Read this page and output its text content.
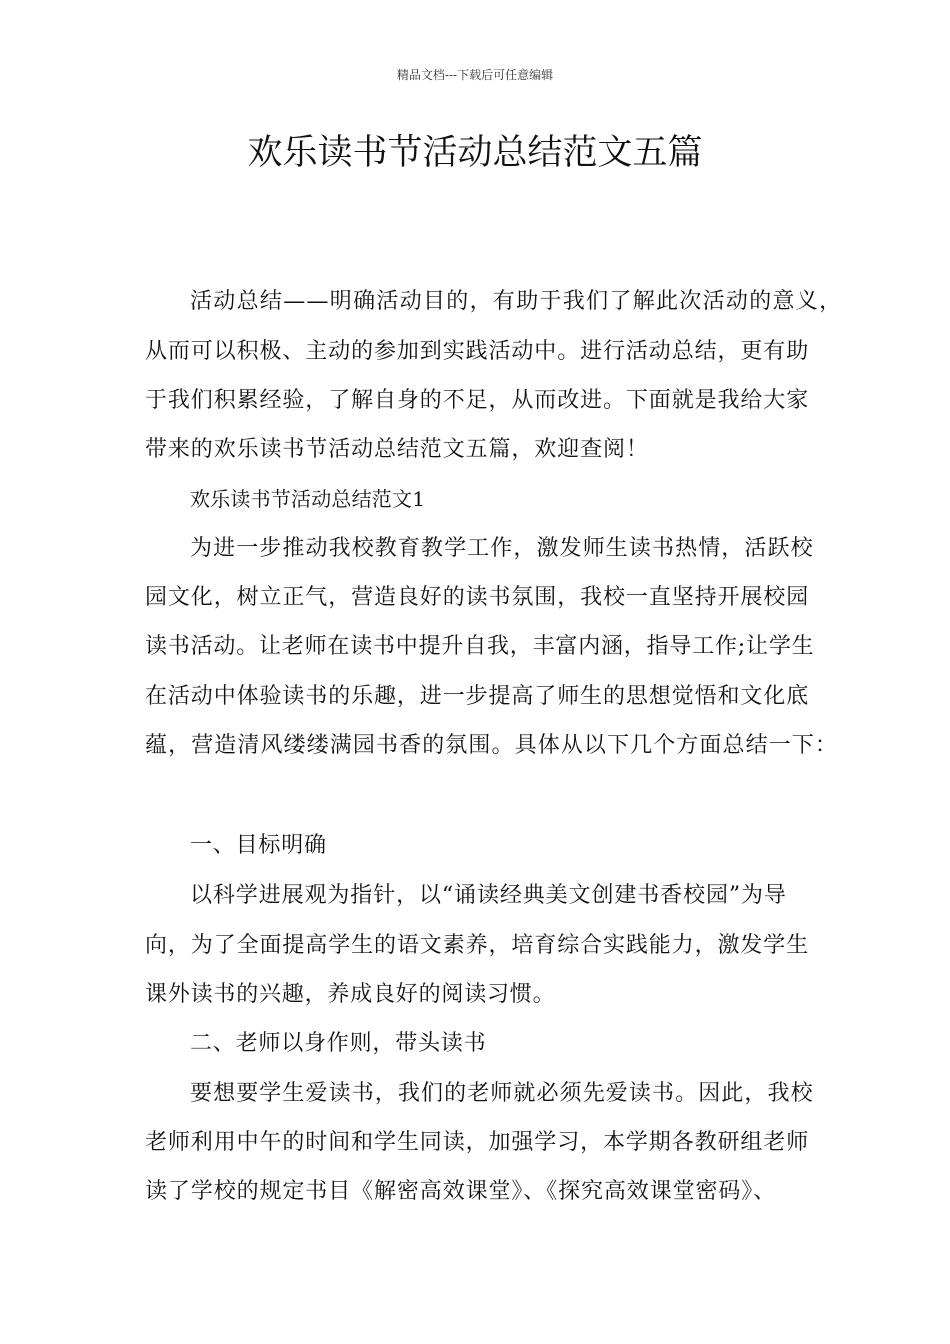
精品文档---下载后可任意编辑
欢乐读书节活动总结范文五篇
活动总结——明确活动目的，有助于我们了解此次活动的意义，
从而可以积极、主动的参加到实践活动中。进行活动总结，更有助
于我们积累经验，了解自身的不足，从而改进。下面就是我给大家
带来的欢乐读书节活动总结范文五篇，欢迎查阅！
欢乐读书节活动总结范文1
为进一步推动我校教育教学工作，激发师生读书热情，活跃校
园文化，树立正气，营造良好的读书氛围，我校一直坚持开展校园
读书活动。让老师在读书中提升自我，丰富内涵，指导工作;让学生
在活动中体验读书的乐趣，进一步提高了师生的思想觉悟和文化底
蕴，营造清风缕缕满园书香的氛围。具体从以下几个方面总结一下：
一、目标明确
以科学进展观为指针，以“诵读经典美文创建书香校园”为导
向，为了全面提高学生的语文素养，培育综合实践能力，激发学生
课外读书的兴趣，养成良好的阅读习惯。
二、老师以身作则，带头读书
要想要学生爱读书，我们的老师就必须先爱读书。因此，我校
老师利用中午的时间和学生同读，加强学习，本学期各教研组老师
读了学校的规定书目《解密高效课堂》、《探究高效课堂密码》、
